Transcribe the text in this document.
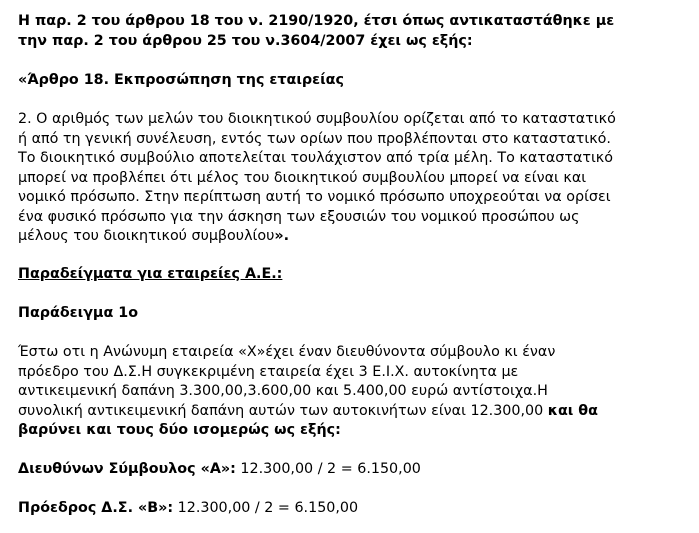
Η παρ. 2 του άρθρου 18 του ν. 2190/1920, έτσι όπως αντικαταστάθηκε με
την παρ. 2 του άρθρου 25 του ν.3604/2007 έχει ως εξής:

«Άρθρο 18. Εκπροσώπηση της εταιρείας

2. Ο αριθμός των μελών του διοικητικού συμβουλίου ορίζεται από το καταστατικό
ή από τη γενική συνέλευση, εντός των ορίων που προβλέπονται στο καταστατικό.
Το διοικητικό συμβούλιο αποτελείται τουλάχιστον από τρία μέλη. Το καταστατικό
μπορεί να προβλέπει ότι μέλος του διοικητικού συμβουλίου μπορεί να είναι και
νομικό πρόσωπο. Στην περίπτωση αυτή το νομικό πρόσωπο υποχρεούται να ορίσει
ένα φυσικό πρόσωπο για την άσκηση των εξουσιών του νομικού προσώπου ως
μέλους του διοικητικού συμβουλίου».

Παραδείγματα για εταιρείες Α.Ε.:

Παράδειγμα 1ο

Έστω οτι η Ανώνυμη εταιρεία «Χ»έχει έναν διευθύνοντα σύμβουλο κι έναν
πρόεδρο του Δ.Σ.Η συγκεκριμένη εταιρεία έχει 3 Ε.Ι.Χ. αυτοκίνητα με
αντικειμενική δαπάνη 3.300,00,3.600,00 και 5.400,00 ευρώ αντίστοιχα.Η
συνολική αντικειμενική δαπάνη αυτών των αυτοκινήτων είναι 12.300,00 και θα
βαρύνει και τους δύο ισομερώς ως εξής:

Διευθύνων Σύμβουλος «Α»: 12.300,00 / 2 = 6.150,00

Πρόεδρος Δ.Σ. «Β»: 12.300,00 / 2 = 6.150,00
